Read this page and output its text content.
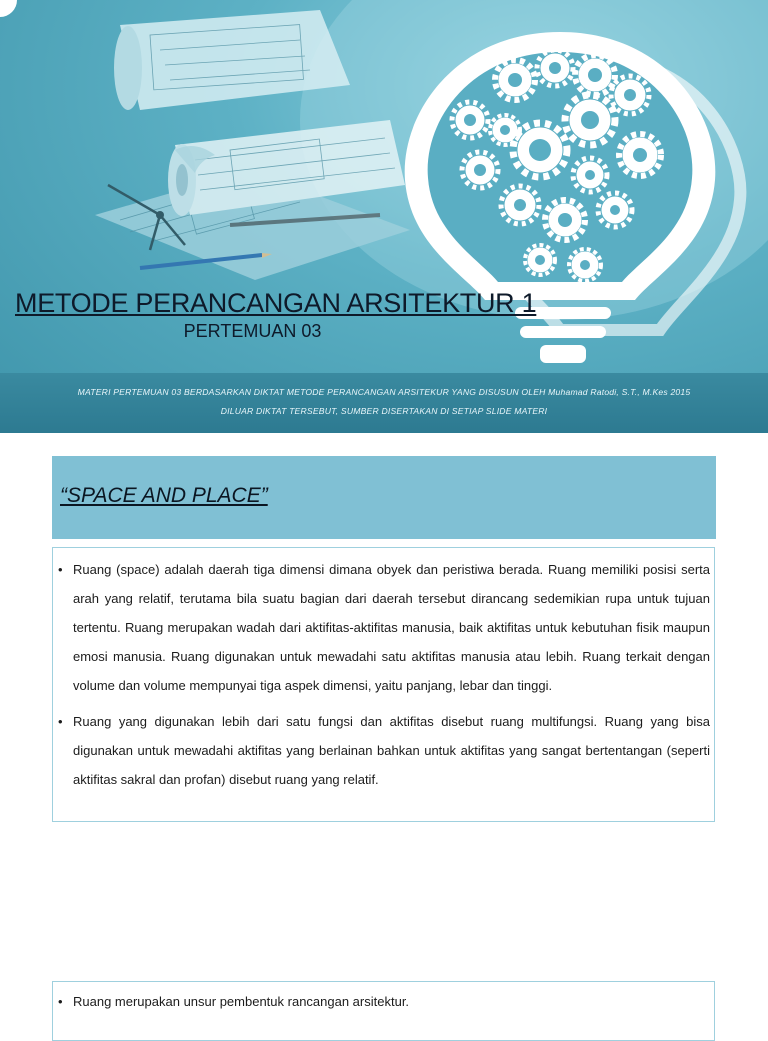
METODE PERANCANGAN ARSITEKTUR 1
PERTEMUAN 03
MATERI PERTEMUAN 03 BERDASARKAN DIKTAT METODE PERANCANGAN ARSITEKUR YANG DISUSUN OLEH Muhamad Ratodi, S.T., M.Kes 2015
DILUAR DIKTAT TERSEBUT, SUMBER DISERTAKAN DI SETIAP SLIDE MATERI
“SPACE AND PLACE”
• Ruang (space) adalah daerah tiga dimensi dimana obyek dan peristiwa berada. Ruang memiliki posisi serta arah yang relatif, terutama bila suatu bagian dari daerah tersebut dirancang sedemikian rupa untuk tujuan tertentu. Ruang merupakan wadah dari aktifitas-aktifitas manusia, baik aktifitas untuk kebutuhan fisik maupun emosi manusia. Ruang digunakan untuk mewadahi satu aktifitas manusia atau lebih. Ruang terkait dengan volume dan volume mempunyai tiga aspek dimensi, yaitu panjang, lebar dan tinggi.
• Ruang yang digunakan lebih dari satu fungsi dan aktifitas disebut ruang multifungsi. Ruang yang bisa digunakan untuk mewadahi aktifitas yang berlainan bahkan untuk aktifitas yang sangat bertentangan (seperti aktifitas sakral dan profan) disebut ruang yang relatif.
• Ruang merupakan unsur pembentuk rancangan arsitektur.
